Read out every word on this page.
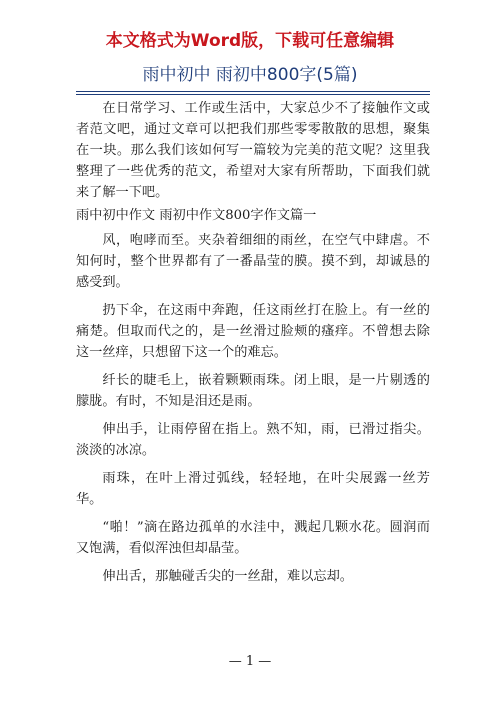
本文格式为Word版，下载可任意编辑
雨中初中 雨初中800字(5篇)

在日常学习、工作或生活中，大家总少不了接触作文或者范文吧，通过文章可以把我们那些零零散散的思想，聚集在一块。那么我们该如何写一篇较为完美的范文呢？这里我整理了一些优秀的范文，希望对大家有所帮助，下面我们就来了解一下吧。

雨中初中作文 雨初中作文800字作文篇一

风，咆哮而至。夹杂着细细的雨丝，在空气中肆虐。不知何时，整个世界都有了一番晶莹的膜。摸不到，却诚恳的感受到。

扔下伞，在这雨中奔跑，任这雨丝打在脸上。有一丝的痛楚。但取而代之的，是一丝滑过脸颊的瘙痒。不曾想去除这一丝痒，只想留下这一个的难忘。

纤长的睫毛上，嵌着颗颗雨珠。闭上眼，是一片剔透的朦胧。有时，不知是泪还是雨。

伸出手，让雨停留在指上。熟不知，雨，已滑过指尖。淡淡的冰凉。

雨珠，在叶上滑过弧线，轻轻地，在叶尖展露一丝芳华。

“啪！”滴在路边孤单的水洼中，溅起几颗水花。圆润而又饱满，看似浑浊但却晶莹。

伸出舌，那触碰舌尖的一丝甜，难以忘却。

— 1 —
